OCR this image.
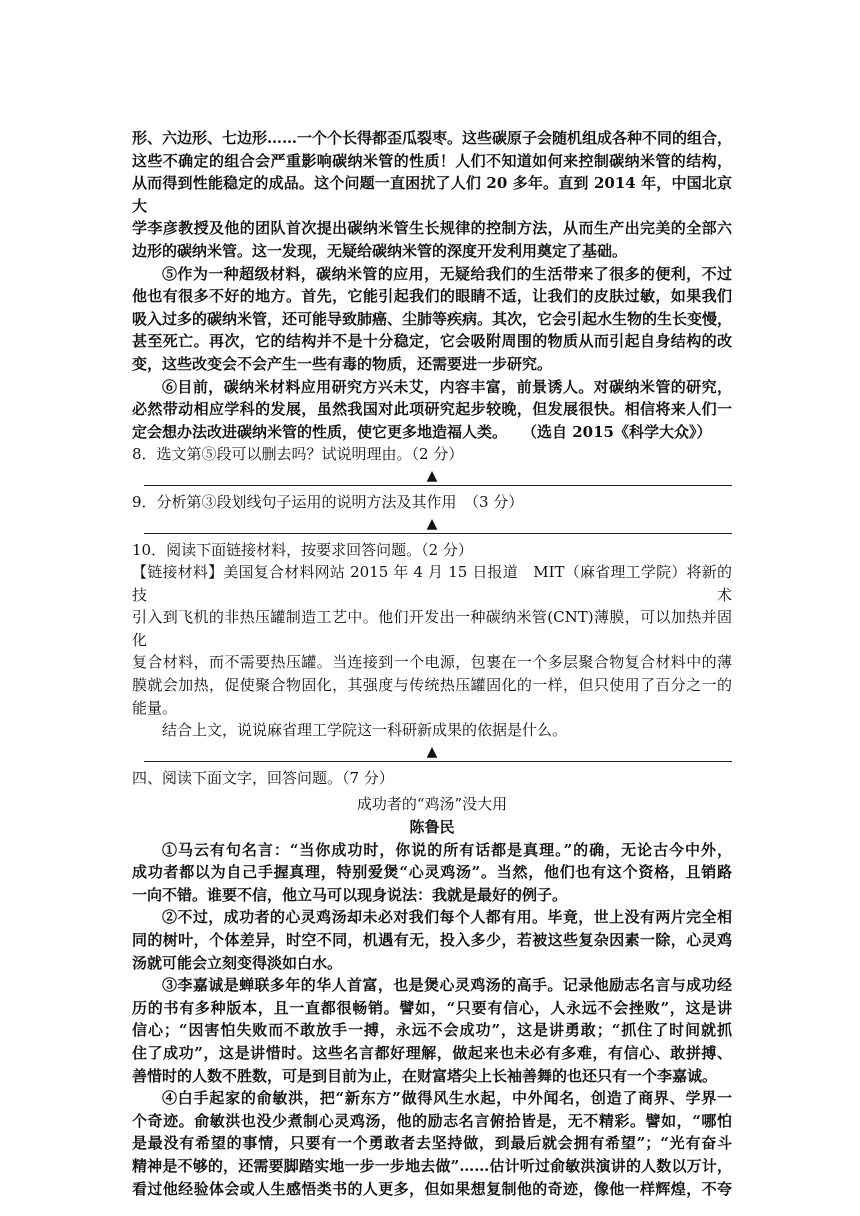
形、六边形、七边形……一个个长得都歪瓜裂枣。这些碳原子会随机组成各种不同的组合，

这些不确定的组合会严重影响碳纳米管的性质！人们不知道如何来控制碳纳米管的结构，

从而得到性能稳定的成品。这个问题一直困扰了人们 20 多年。直到 2014 年，中国北京大

学李彦教授及他的团队首次提出碳纳米管生长规律的控制方法，从而生产出完美的全部六

边形的碳纳米管。这一发现，无疑给碳纳米管的深度开发利用奠定了基础。

⑤作为一种超级材料，碳纳米管的应用，无疑给我们的生活带来了很多的便利，不过

他也有很多不好的地方。首先，它能引起我们的眼睛不适，让我们的皮肤过敏，如果我们

吸入过多的碳纳米管，还可能导致肺癌、尘肺等疾病。其次，它会引起水生物的生长变慢，

甚至死亡。再次，它的结构并不是十分稳定，它会吸附周围的物质从而引起自身结构的改

变，这些改变会不会产生一些有毒的物质，还需要进一步研究。

⑥目前，碳纳米材料应用研究方兴未艾，内容丰富，前景诱人。对碳纳米管的研究，

必然带动相应学科的发展，虽然我国对此项研究起步较晚，但发展很快。相信将来人们一

定会想办法改进碳纳米管的性质，使它更多地造福人类。　　（选自 2015《科学大众》）

8．选文第⑤段可以删去吗？试说明理由。（2 分）

▲

9．分析第③段划线句子运用的说明方法及其作用　（3 分）

▲

10．阅读下面链接材料，按要求回答问题。（2 分）

【链接材料】美国复合材料网站 2015 年 4 月 15 日报道　MIT（麻省理工学院）将新的技术

引入到飞机的非热压罐制造工艺中。他们开发出一种碳纳米管(CNT)薄膜，可以加热并固化

复合材料，而不需要热压罐。当连接到一个电源，包裹在一个多层聚合物复合材料中的薄

膜就会加热，促使聚合物固化，其强度与传统热压罐固化的一样，但只使用了百分之一的

能量。

结合上文，说说麻省理工学院这一科研新成果的依据是什么。

▲

四、阅读下面文字，回答问题。（7 分）

成功者的“鸡汤”没大用

陈鲁民

①马云有句名言：“当你成功时，你说的所有话都是真理。”的确，无论古今中外，

成功者都以为自己手握真理，特别爱煲“心灵鸡汤”。当然，他们也有这个资格，且销路

一向不错。谁要不信，他立马可以现身说法：我就是最好的例子。

②不过，成功者的心灵鸡汤却未必对我们每个人都有用。毕竟，世上没有两片完全相

同的树叶，个体差异，时空不同，机遇有无，投入多少，若被这些复杂因素一除，心灵鸡

汤就可能会立刻变得淡如白水。

③李嘉诚是蝉联多年的华人首富，也是煲心灵鸡汤的高手。记录他励志名言与成功经

历的书有多种版本，且一直都很畅销。譬如，“只要有信心，人永远不会挫败”，这是讲

信心；“因害怕失败而不敢放手一搏，永远不会成功”，这是讲勇敢；“抓住了时间就抓

住了成功”，这是讲惜时。这些名言都好理解，做起来也未必有多难，有信心、敢拼搏、

善惜时的人数不胜数，可是到目前为止，在财富塔尖上长袖善舞的也还只有一个李嘉诚。

④白手起家的俞敏洪，把“新东方”做得风生水起，中外闻名，创造了商界、学界一

个奇迹。俞敏洪也没少煮制心灵鸡汤，他的励志名言俯拾皆是，无不精彩。譬如，“哪怕

是最没有希望的事情，只要有一个勇敢者去坚持做，到最后就会拥有希望”；“光有奋斗

精神是不够的，还需要脚踏实地一步一步地去做”……估计听过俞敏洪演讲的人数以万计，

看过他经验体会或人生感悟类书的人更多，但如果想复制他的奇迹，像他一样辉煌，不夸
